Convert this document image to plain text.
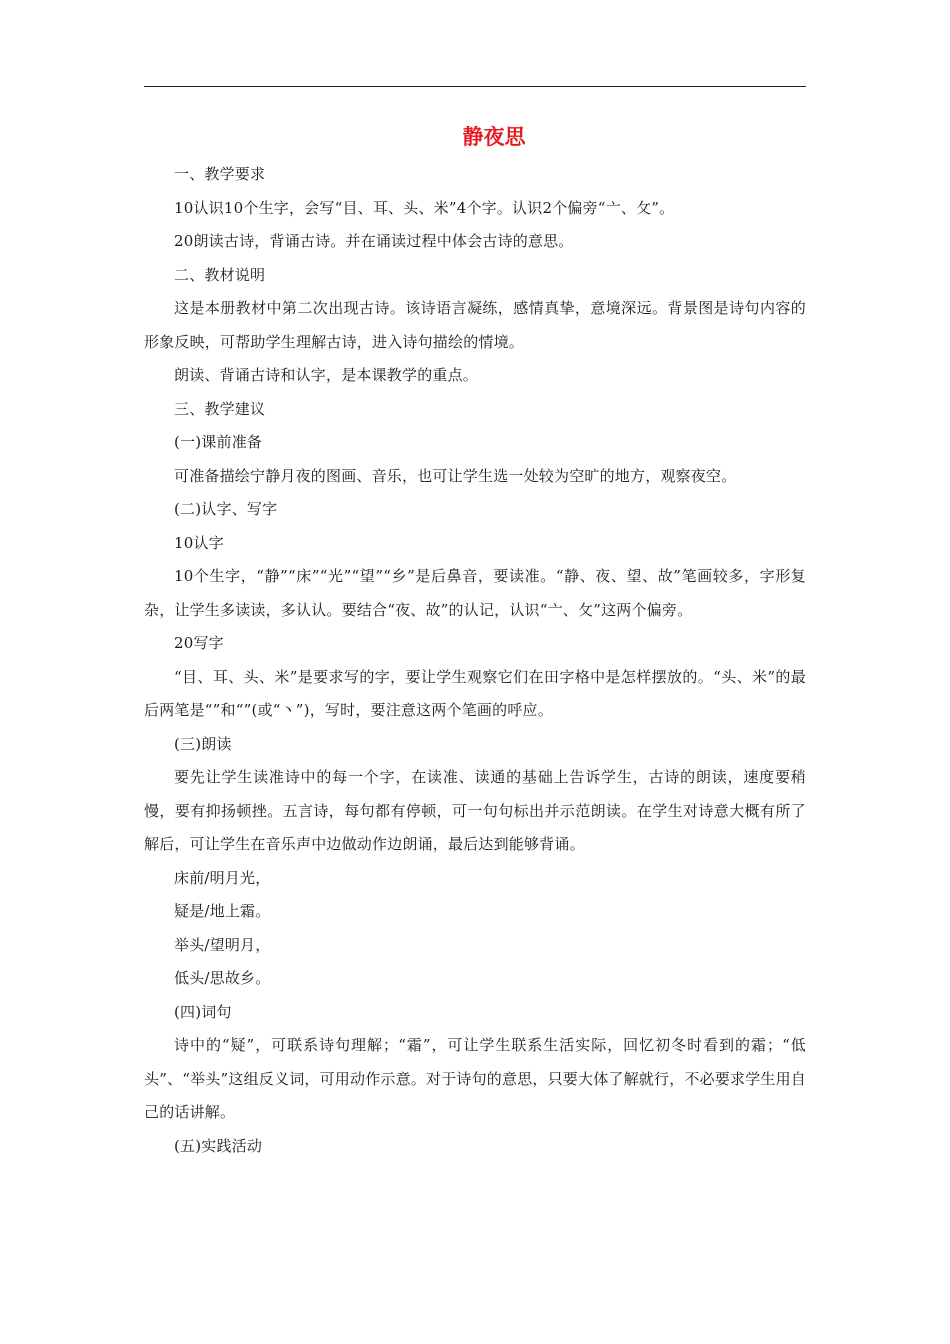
静夜思

一、教学要求

10认识10个生字，会写“目、耳、头、米”4个字。认识2个偏旁“亠、攵”。

20朗读古诗，背诵古诗。并在诵读过程中体会古诗的意思。

二、教材说明

这是本册教材中第二次出现古诗。该诗语言凝练，感情真挚，意境深远。背景图是诗句内容的形象反映，可帮助学生理解古诗，进入诗句描绘的情境。

朗读、背诵古诗和认字，是本课教学的重点。

三、教学建议

(一)课前准备

可准备描绘宁静月夜的图画、音乐，也可让学生选一处较为空旷的地方，观察夜空。

(二)认字、写字

10认字

10个生字，“静”“床”“光”“望”“乡”是后鼻音，要读准。“静、夜、望、故”笔画较多，字形复杂，让学生多读读，多认认。要结合“夜、故”的认记，认识“亠、攵”这两个偏旁。

20写字

“目、耳、头、米”是要求写的字，要让学生观察它们在田字格中是怎样摆放的。“头、米”的最后两笔是“”和“”(或“丶”)，写时，要注意这两个笔画的呼应。

(三)朗读

要先让学生读准诗中的每一个字，在读准、读通的基础上告诉学生，古诗的朗读，速度要稍慢，要有抑扬顿挫。五言诗，每句都有停顿，可一句句标出并示范朗读。在学生对诗意大概有所了解后，可让学生在音乐声中边做动作边朗诵，最后达到能够背诵。

床前/明月光，

疑是/地上霜。

举头/望明月，

低头/思故乡。

(四)词句

诗中的“疑”，可联系诗句理解；“霜”，可让学生联系生活实际，回忆初冬时看到的霜；“低头”、“举头”这组反义词，可用动作示意。对于诗句的意思，只要大体了解就行，不必要求学生用自己的话讲解。

(五)实践活动
